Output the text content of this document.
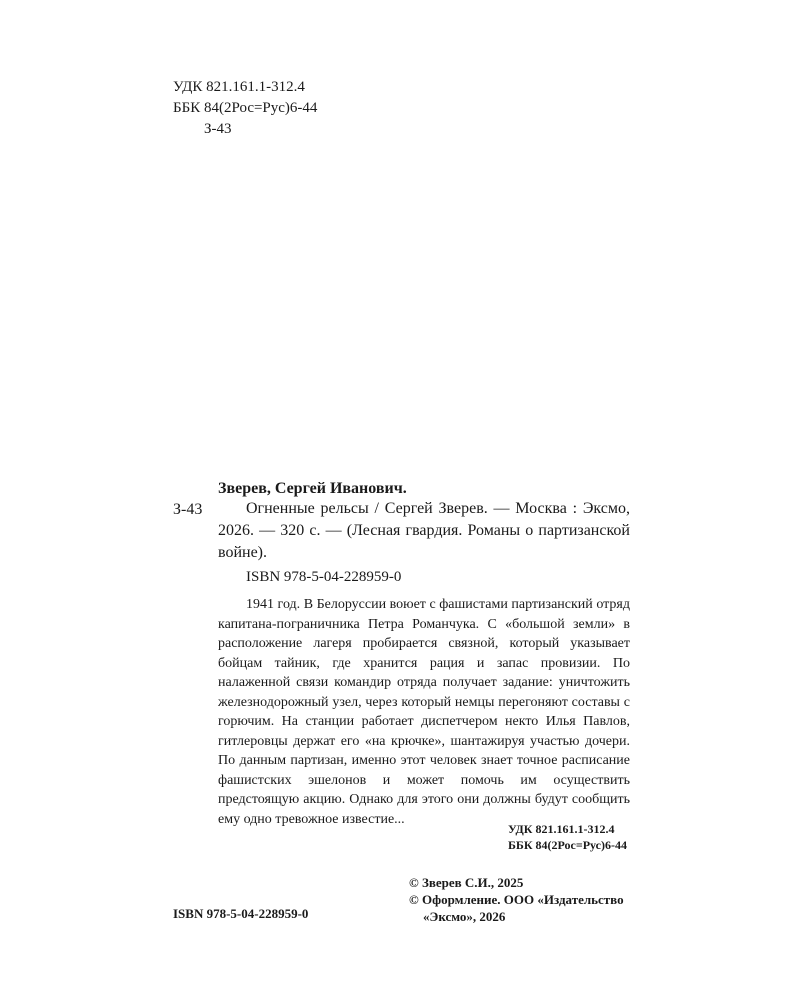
УДК 821.161.1-312.4
ББК 84(2Рос=Рус)6-44
З-43
Зверев, Сергей Иванович.
З-43	Огненные рельсы / Сергей Зверев. — Москва : Эксмо, 2026. — 320 с. — (Лесная гвардия. Романы о партизанской войне).

ISBN 978-5-04-228959-0

1941 год. В Белоруссии воюет с фашистами партизанский отряд капитана-пограничника Петра Романчука. С «большой земли» в расположение лагеря пробирается связной, который указывает бойцам тайник, где хранится рация и запас провизии. По налаженной связи командир отряда получает задание: уничтожить железнодорожный узел, через который немцы перегоняют составы с горючим. На станции работает диспетчером некто Илья Павлов, гитлеровцы держат его «на крючке», шантажируя участью дочери. По данным партизан, именно этот человек знает точное расписание фашистских эшелонов и может помочь им осуществить предстоящую акцию. Однако для этого они должны будут сообщить ему одно тревожное известие...

УДК 821.161.1-312.4
ББК 84(2Рос=Рус)6-44
© Зверев С.И., 2025
© Оформление. ООО «Издательство
«Эксмо», 2026
ISBN 978-5-04-228959-0
